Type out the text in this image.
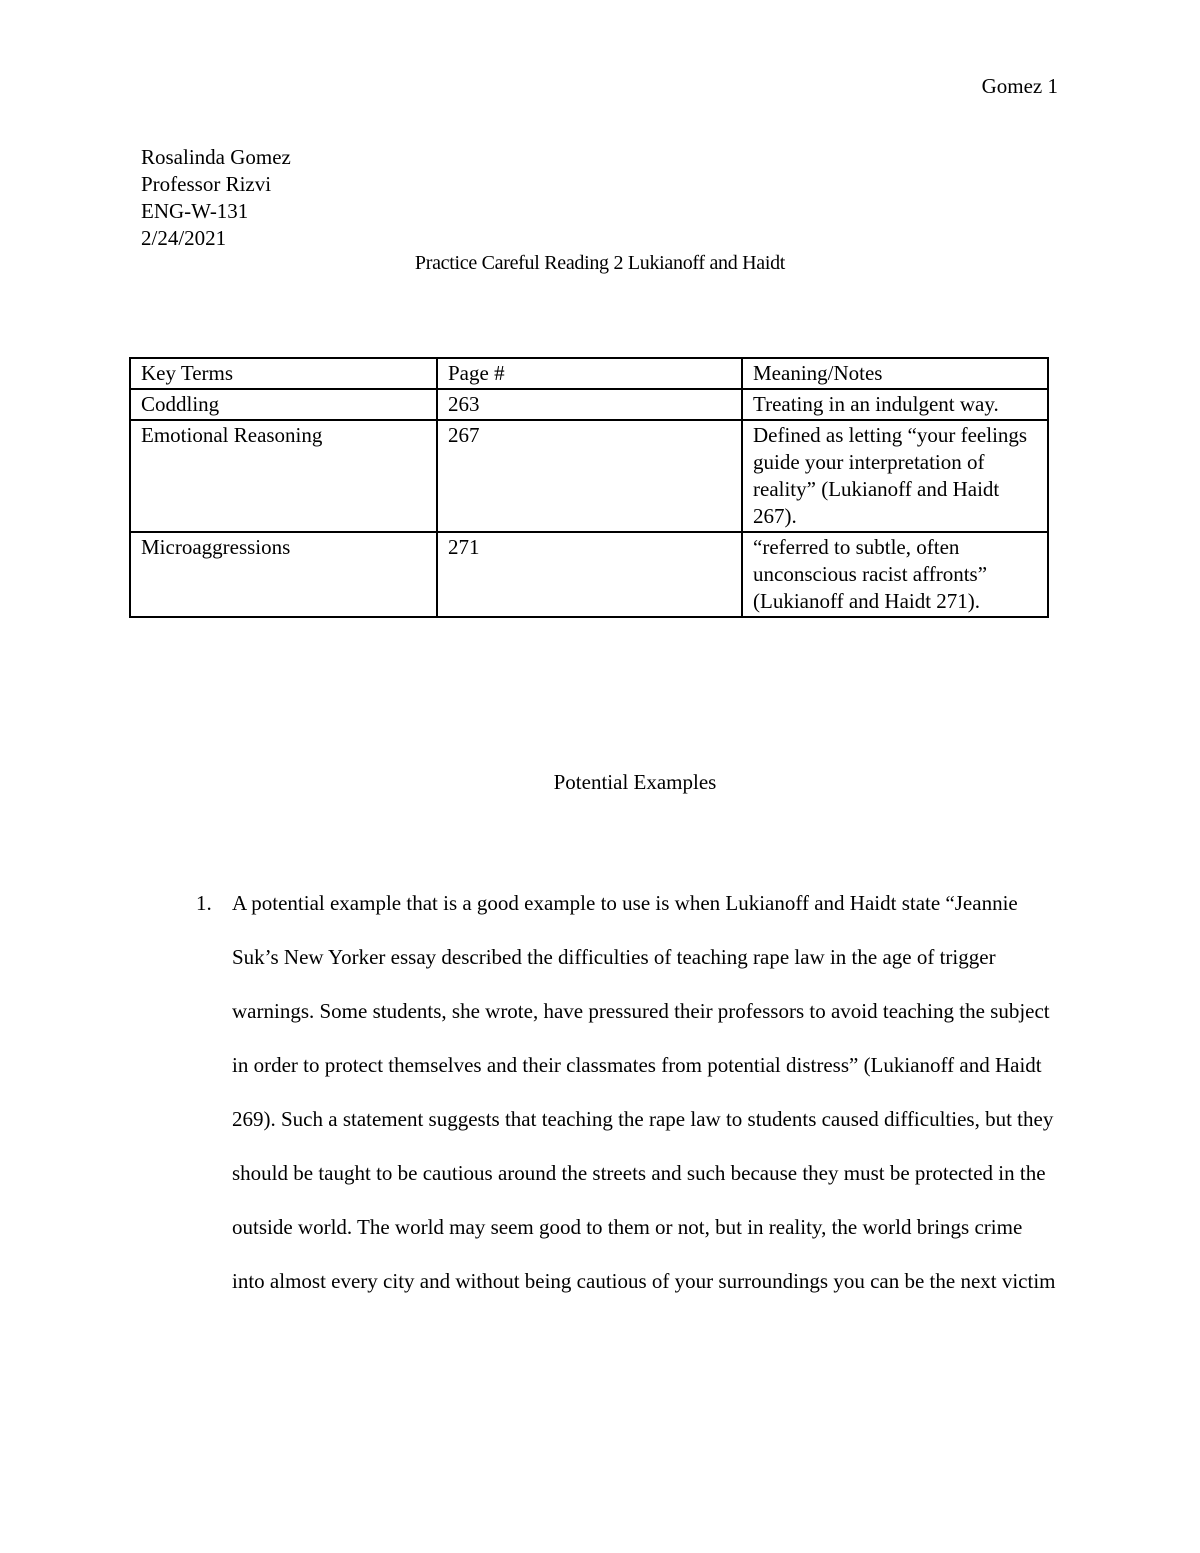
Gomez 1
Rosalinda Gomez
Professor Rizvi
ENG-W-131
2/24/2021
Practice Careful Reading 2 Lukianoff and Haidt
Key Terms	Page #	Meaning/Notes
Coddling	263	Treating in an indulgent way.
Emotional Reasoning	267	Defined as letting “your feelings guide your interpretation of reality” (Lukianoff and Haidt 267).
Microaggressions	271	“referred to subtle, often unconscious racist affronts” (Lukianoff and Haidt 271).
Potential Examples
1. A potential example that is a good example to use is when Lukianoff and Haidt state “Jeannie Suk’s New Yorker essay described the difficulties of teaching rape law in the age of trigger warnings. Some students, she wrote, have pressured their professors to avoid teaching the subject in order to protect themselves and their classmates from potential distress” (Lukianoff and Haidt 269). Such a statement suggests that teaching the rape law to students caused difficulties, but they should be taught to be cautious around the streets and such because they must be protected in the outside world. The world may seem good to them or not, but in reality, the world brings crime into almost every city and without being cautious of your surroundings you can be the next victim
